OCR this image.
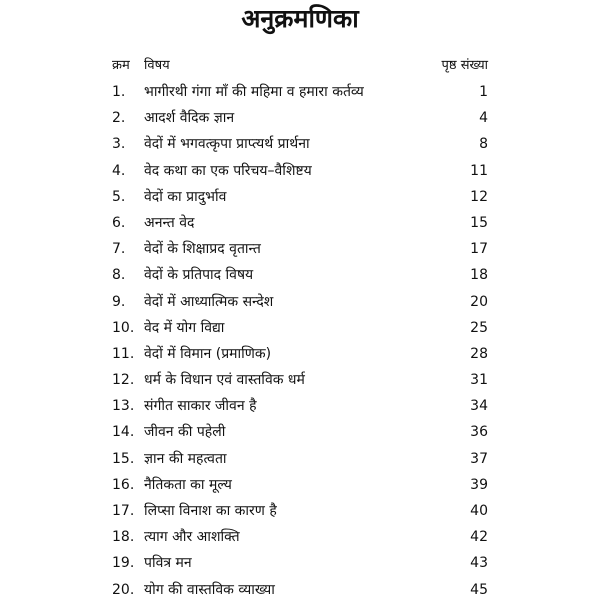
अनुक्रमणिका
क्रम	विषय	पृष्ठ संख्या
1.	भागीरथी गंगा माँ की महिमा व हमारा कर्तव्य	1
2.	आदर्श वैदिक ज्ञान	4
3.	वेदों में भगवत्कृपा प्राप्त्यर्थ प्रार्थना	8
4.	वेद कथा का एक परिचय–वैशिष्टय	11
5.	वेदों का प्रादुर्भाव	12
6.	अनन्त वेद	15
7.	वेदों के शिक्षाप्रद वृतान्त	17
8.	वेदों के प्रतिपाद विषय	18
9.	वेदों में आध्यात्मिक सन्देश	20
10. वेद में योग विद्या	25
11. वेदों में विमान (प्रमाणिक)	28
12. धर्म के विधान एवं वास्तविक धर्म	31
13. संगीत साकार जीवन है	34
14. जीवन की पहेली	36
15. ज्ञान की महत्वता	37
16. नैतिकता का मूल्य	39
17. लिप्सा विनाश का कारण है	40
18. त्याग और आशक्ति	42
19. पवित्र मन	43
20. योग की वास्तविक व्याख्या	45
